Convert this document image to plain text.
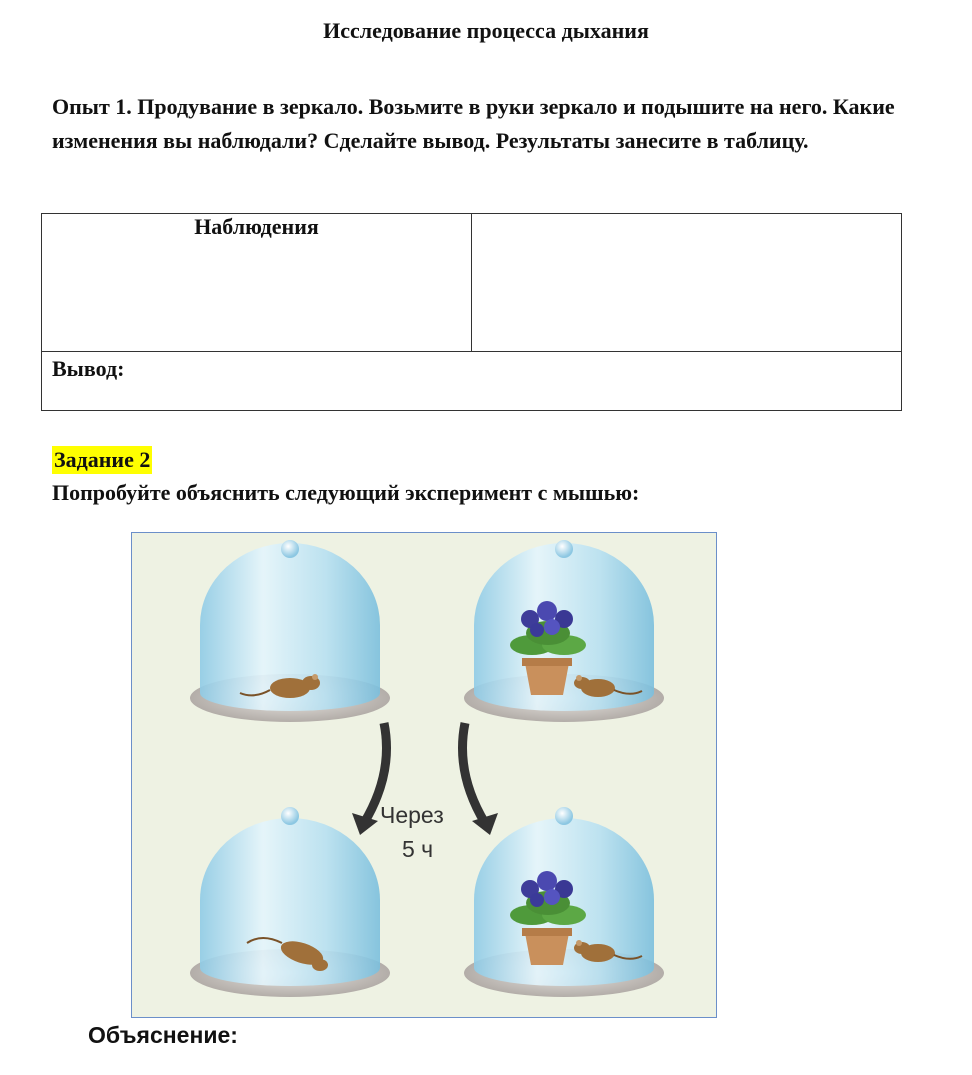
Исследование процесса дыхания

Опыт 1. Продувание в зеркало. Возьмите в руки зеркало и подышите на него. Какие изменения вы наблюдали? Сделайте вывод. Результаты занесите в таблицу.

Наблюдения	
Вывод:
Задание 2
Попробуйте объяснить следующий эксперимент с мышью:
Через
5 ч
Объяснение:
